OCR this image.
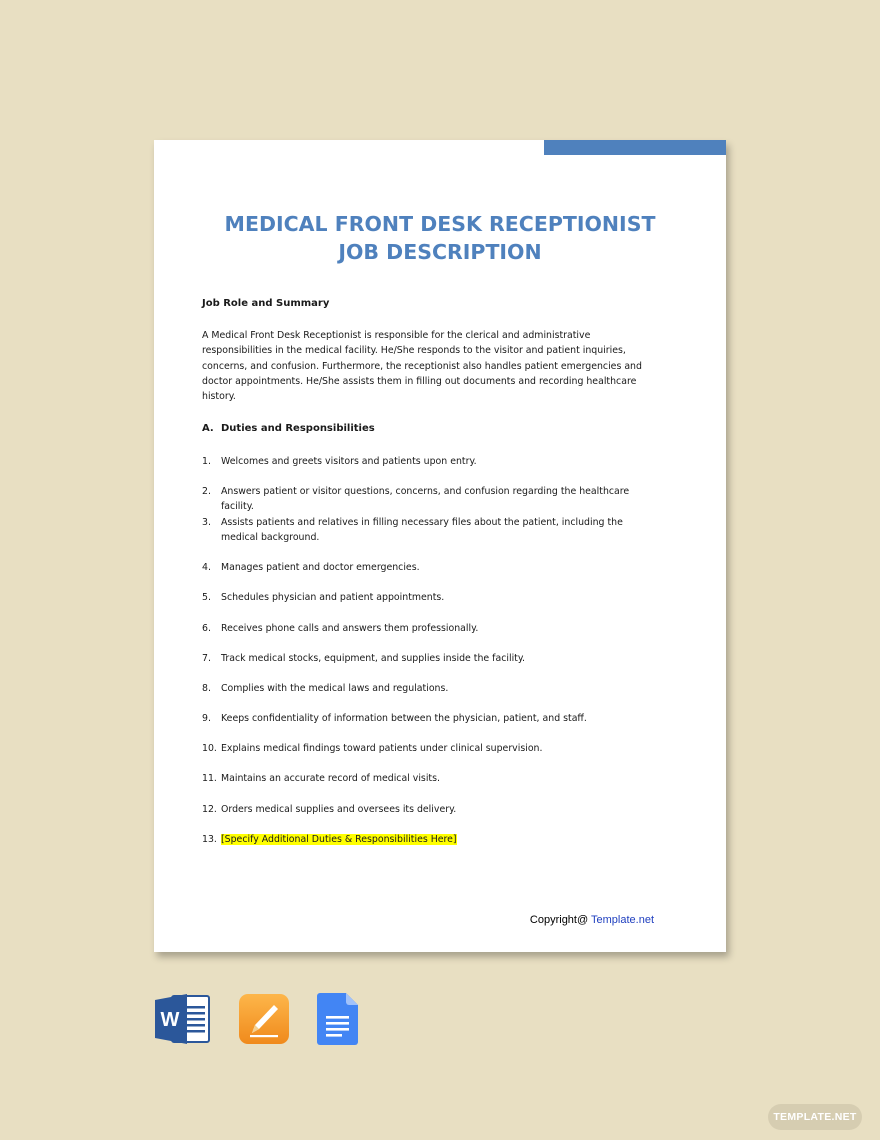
MEDICAL FRONT DESK RECEPTIONIST
JOB DESCRIPTION
Job Role and Summary
A Medical Front Desk Receptionist is responsible for the clerical and administrative responsibilities in the medical facility. He/She responds to the visitor and patient inquiries, concerns, and confusion. Furthermore, the receptionist also handles patient emergencies and doctor appointments. He/She assists them in filling out documents and recording healthcare history.
A. Duties and Responsibilities
1.	Welcomes and greets visitors and patients upon entry.
2.	Answers patient or visitor questions, concerns, and confusion regarding the healthcare facility.
3.	Assists patients and relatives in filling necessary files about the patient, including the medical background.
4.	Manages patient and doctor emergencies.
5.	Schedules physician and patient appointments.
6.	Receives phone calls and answers them professionally.
7.	Track medical stocks, equipment, and supplies inside the facility.
8.	Complies with the medical laws and regulations.
9.	Keeps confidentiality of information between the physician, patient, and staff.
10. Explains medical findings toward patients under clinical supervision.
11. Maintains an accurate record of medical visits.
12. Orders medical supplies and oversees its delivery.
13. [Specify Additional Duties & Responsibilities Here]
Copyright@ Template.net
W
TEMPLATE.NET
